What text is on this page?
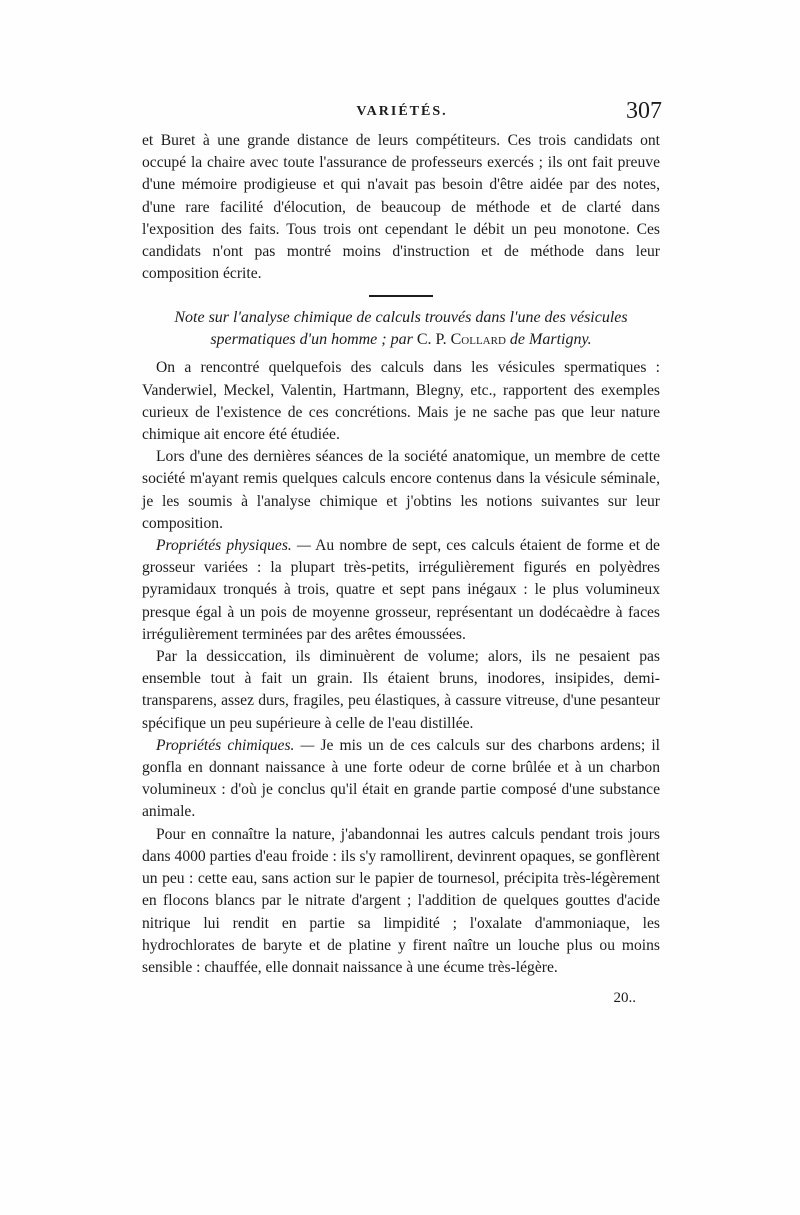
VARIÉTÉS.	307

et Buret à une grande distance de leurs compétiteurs. Ces trois candidats ont occupé la chaire avec toute l'assurance de professeurs exercés ; ils ont fait preuve d'une mémoire prodigieuse et qui n'avait pas besoin d'être aidée par des notes, d'une rare facilité d'élocution, de beaucoup de méthode et de clarté dans l'exposition des faits. Tous trois ont cependant le débit un peu monotone. Ces candidats n'ont pas montré moins d'instruction et de méthode dans leur composition écrite.

Note sur l'analyse chimique de calculs trouvés dans l'une des vésicules spermatiques d'un homme ; par C. P. Collard de Martigny.

On a rencontré quelquefois des calculs dans les vésicules spermatiques : Vanderwiel, Meckel, Valentin, Hartmann, Blegny, etc., rapportent des exemples curieux de l'existence de ces concrétions. Mais je ne sache pas que leur nature chimique ait encore été étudiée.

Lors d'une des dernières séances de la société anatomique, un membre de cette société m'ayant remis quelques calculs encore contenus dans la vésicule séminale, je les soumis à l'analyse chimique et j'obtins les notions suivantes sur leur composition.

Propriétés physiques. — Au nombre de sept, ces calculs étaient de forme et de grosseur variées : la plupart très-petits, irrégulièrement figurés en polyèdres pyramidaux tronqués à trois, quatre et sept pans inégaux : le plus volumineux presque égal à un pois de moyenne grosseur, représentant un dodécaèdre à faces irrégulièrement terminées par des arêtes émoussées.

Par la dessiccation, ils diminuèrent de volume; alors, ils ne pesaient pas ensemble tout à fait un grain. Ils étaient bruns, inodores, insipides, demi-transparens, assez durs, fragiles, peu élastiques, à cassure vitreuse, d'une pesanteur spécifique un peu supérieure à celle de l'eau distillée.

Propriétés chimiques. — Je mis un de ces calculs sur des charbons ardens; il gonfla en donnant naissance à une forte odeur de corne brûlée et à un charbon volumineux : d'où je conclus qu'il était en grande partie composé d'une substance animale.

Pour en connaître la nature, j'abandonnai les autres calculs pendant trois jours dans 4000 parties d'eau froide : ils s'y ramollirent, devinrent opaques, se gonflèrent un peu : cette eau, sans action sur le papier de tournesol, précipita très-légèrement en flocons blancs par le nitrate d'argent ; l'addition de quelques gouttes d'acide nitrique lui rendit en partie sa limpidité ; l'oxalate d'ammoniaque, les hydrochlorates de baryte et de platine y firent naître un louche plus ou moins sensible : chauffée, elle donnait naissance à une écume très-légère.

20..
